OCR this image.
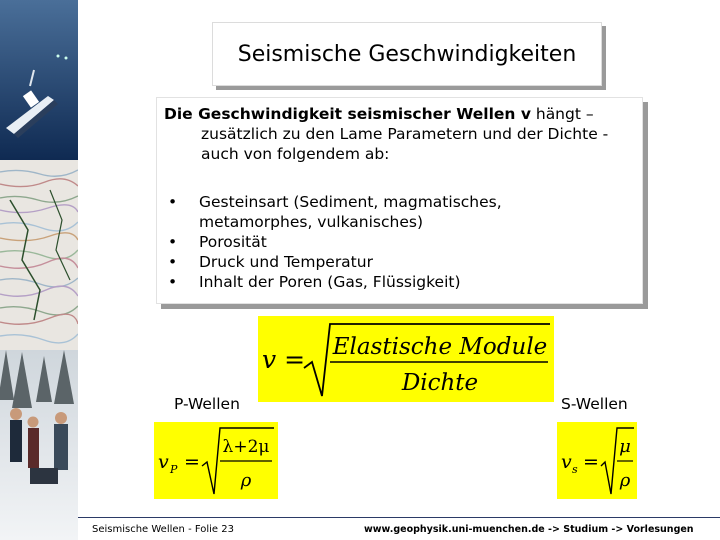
Seismische Geschwindigkeiten
Die Geschwindigkeit seismischer Wellen v hängt –
zusätzlich zu den Lame Parametern und der Dichte -
auch von folgendem ab:
• Gesteinsart (Sediment, magmatisches,
metamorphes, vulkanisches)
• Porosität
• Druck und Temperatur
• Inhalt der Poren (Gas, Flüssigkeit)
v = Elastische Module
Dichte
P-Wellen	S-Wellen
v P =
λ+2μ
ρ
v s =
μ
ρ
Seismische Wellen - Folie 23	www.geophysik.uni-muenchen.de -> Studium -> Vorlesungen
